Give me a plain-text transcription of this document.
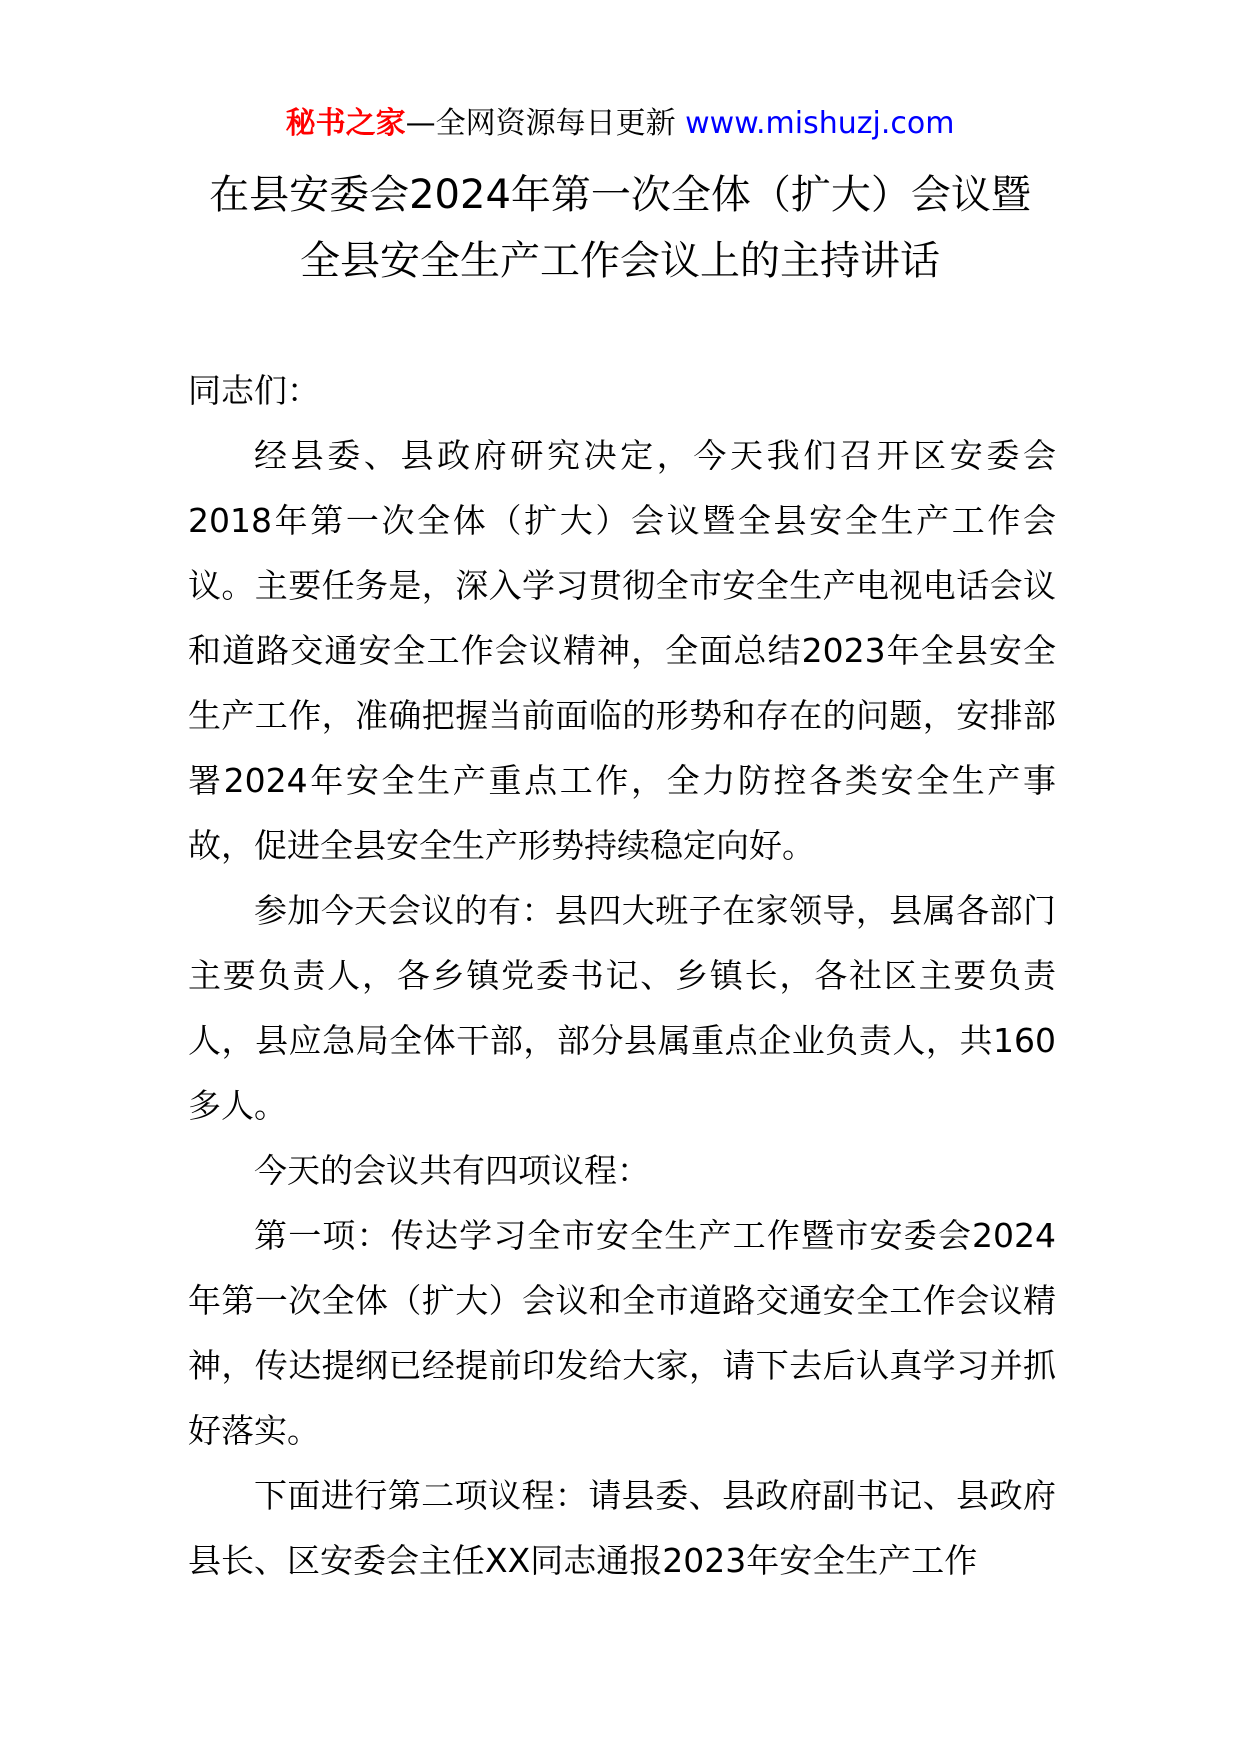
秘书之家—全网资源每日更新 www.mishuzj.com
在县安委会2024年第一次全体（扩大）会议暨
全县安全生产工作会议上的主持讲话

同志们：

经县委、县政府研究决定，今天我们召开区安委会2018年第一次全体（扩大）会议暨全县安全生产工作会议。主要任务是，深入学习贯彻全市安全生产电视电话会议和道路交通安全工作会议精神，全面总结2023年全县安全生产工作，准确把握当前面临的形势和存在的问题，安排部署2024年安全生产重点工作，全力防控各类安全生产事故，促进全县安全生产形势持续稳定向好。

参加今天会议的有：县四大班子在家领导，县属各部门主要负责人，各乡镇党委书记、乡镇长，各社区主要负责人，县应急局全体干部，部分县属重点企业负责人，共160多人。

今天的会议共有四项议程：

第一项：传达学习全市安全生产工作暨市安委会2024年第一次全体（扩大）会议和全市道路交通安全工作会议精神，传达提纲已经提前印发给大家，请下去后认真学习并抓好落实。

下面进行第二项议程：请县委、县政府副书记、县政府县长、区安委会主任XX同志通报2023年安全生产工作
